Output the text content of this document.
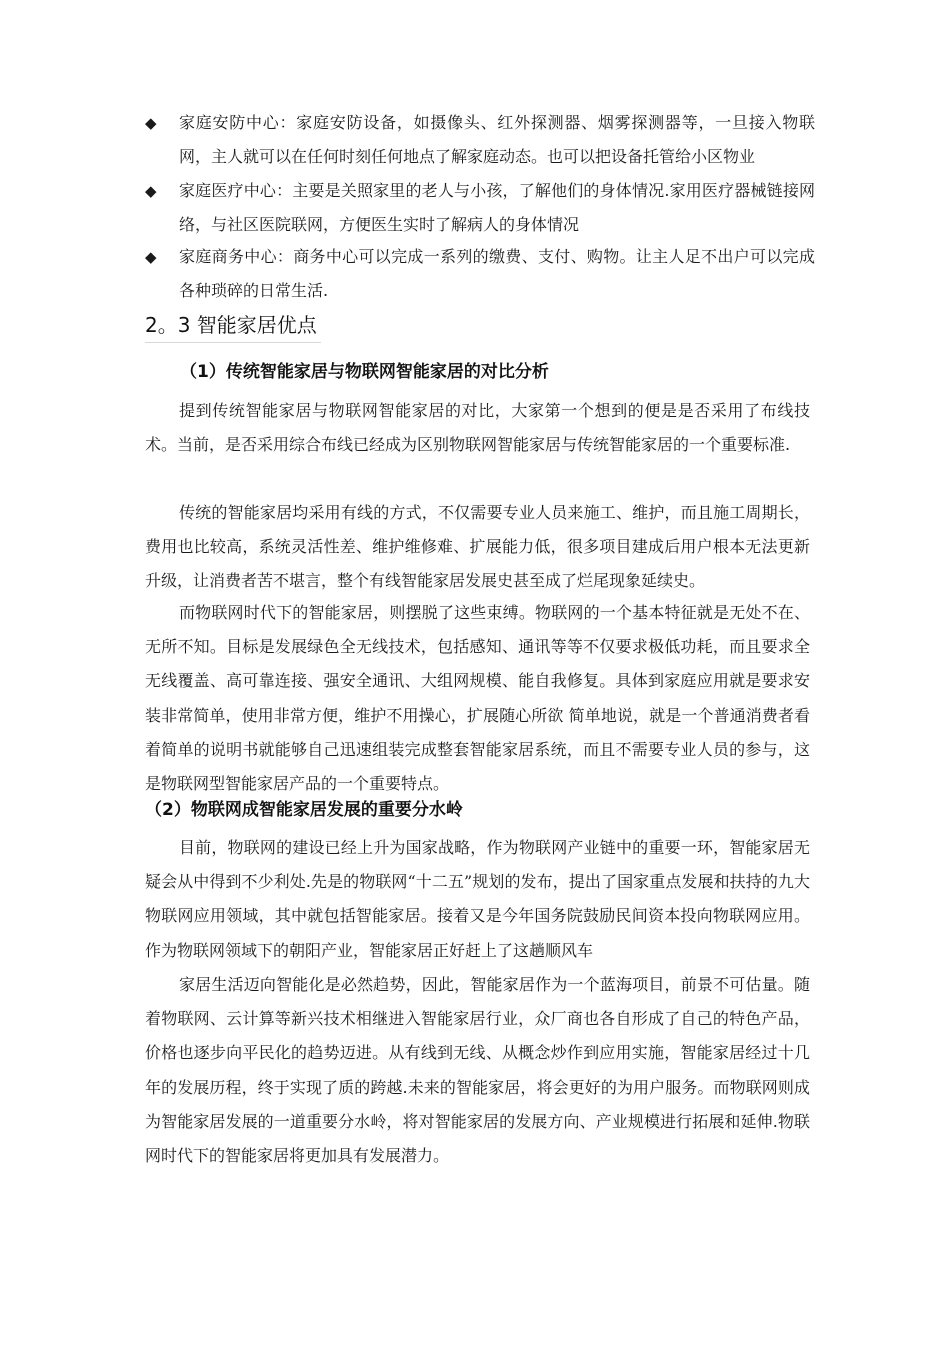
◆	家庭安防中心：家庭安防设备，如摄像头、红外探测器、烟雾探测器等，一旦接入物联网，主人就可以在任何时刻任何地点了解家庭动态。也可以把设备托管给小区物业
◆	家庭医疗中心：主要是关照家里的老人与小孩，了解他们的身体情况.家用医疗器械链接网络，与社区医院联网，方便医生实时了解病人的身体情况
◆	家庭商务中心：商务中心可以完成一系列的缴费、支付、购物。让主人足不出户可以完成各种琐碎的日常生活.
2。3 智能家居优点
（1）传统智能家居与物联网智能家居的对比分析
提到传统智能家居与物联网智能家居的对比，大家第一个想到的便是是否采用了布线技术。当前，是否采用综合布线已经成为区别物联网智能家居与传统智能家居的一个重要标准.
传统的智能家居均采用有线的方式，不仅需要专业人员来施工、维护，而且施工周期长，费用也比较高，系统灵活性差、维护维修难、扩展能力低，很多项目建成后用户根本无法更新升级，让消费者苦不堪言，整个有线智能家居发展史甚至成了烂尾现象延续史。
而物联网时代下的智能家居，则摆脱了这些束缚。物联网的一个基本特征就是无处不在、无所不知。目标是发展绿色全无线技术，包括感知、通讯等等不仅要求极低功耗，而且要求全无线覆盖、高可靠连接、强安全通讯、大组网规模、能自我修复。具体到家庭应用就是要求安装非常简单，使用非常方便，维护不用操心，扩展随心所欲 简单地说，就是一个普通消费者看着简单的说明书就能够自己迅速组装完成整套智能家居系统，而且不需要专业人员的参与，这是物联网型智能家居产品的一个重要特点。
（2）物联网成智能家居发展的重要分水岭
目前，物联网的建设已经上升为国家战略，作为物联网产业链中的重要一环，智能家居无疑会从中得到不少利处.先是的物联网“十二五”规划的发布，提出了国家重点发展和扶持的九大物联网应用领域，其中就包括智能家居。接着又是今年国务院鼓励民间资本投向物联网应用。作为物联网领域下的朝阳产业，智能家居正好赶上了这趟顺风车
家居生活迈向智能化是必然趋势，因此，智能家居作为一个蓝海项目，前景不可估量。随着物联网、云计算等新兴技术相继进入智能家居行业，众厂商也各自形成了自己的特色产品，价格也逐步向平民化的趋势迈进。从有线到无线、从概念炒作到应用实施，智能家居经过十几年的发展历程，终于实现了质的跨越.未来的智能家居，将会更好的为用户服务。而物联网则成为智能家居发展的一道重要分水岭，将对智能家居的发展方向、产业规模进行拓展和延伸.物联网时代下的智能家居将更加具有发展潜力。
